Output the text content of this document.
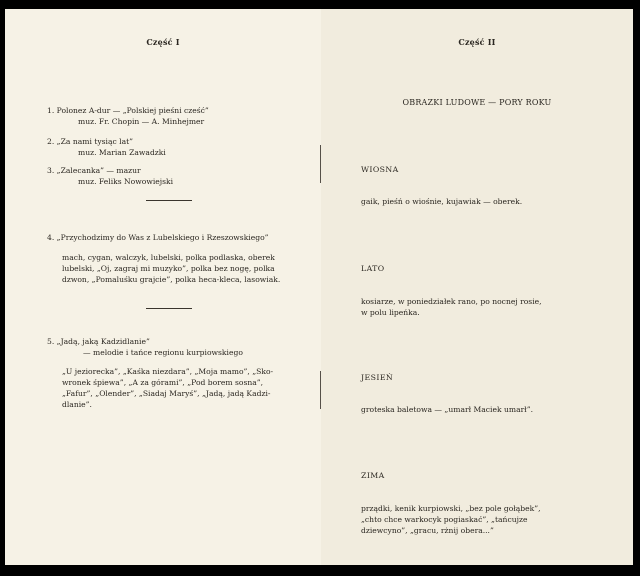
Część I
1. Polonez A-dur — „Polskiej pieśni cześć”
muz. Fr. Chopin — A. Minhejmer
2. „Za nami tysiąc lat”
muz. Marian Zawadzki
3. „Zalecanka” — mazur
muz. Feliks Nowowiejski
4. „Przychodzimy do Was z Lubelskiego i Rzeszowskiego”
mach, cygan, walczyk, lubelski, polka podlaska, oberek
lubelski, „Oj, zagraj mi muzyko”, polka bez nogę, polka
dzwon, „Pomaluśku grajcie”, polka heca-kleca, lasowiak.
5. „Jadą, jaką Kadzidlanie”
— melodie i tańce regionu kurpiowskiego
„U jeziorecka”, „Kaśka niezdara”, „Moja mamo”, „Sko-
wronek śpiewa”, „A za górami”, „Pod borem sosna”,
„Fafur”, „Olender”, „Siadaj Maryś”, „Jadą, jadą Kadzi-
dlanie”.
Część II
OBRAZKI LUDOWE — PORY ROKU
WIOSNA
gaik, pieśń o wiośnie, kujawiak — oberek.
LATO
kosiarze, w poniedziałek rano, po nocnej rosie,
w polu lipeńka.
JESIEŃ
groteska baletowa — „umarł Maciek umarł”.
ZIMA
prządki, kenik kurpiowski, „bez pole gołąbek”,
„chto chce warkocyk pogiaskać”, „tańcujze
dziewcyno”, „gracu, rżnij obera...”
